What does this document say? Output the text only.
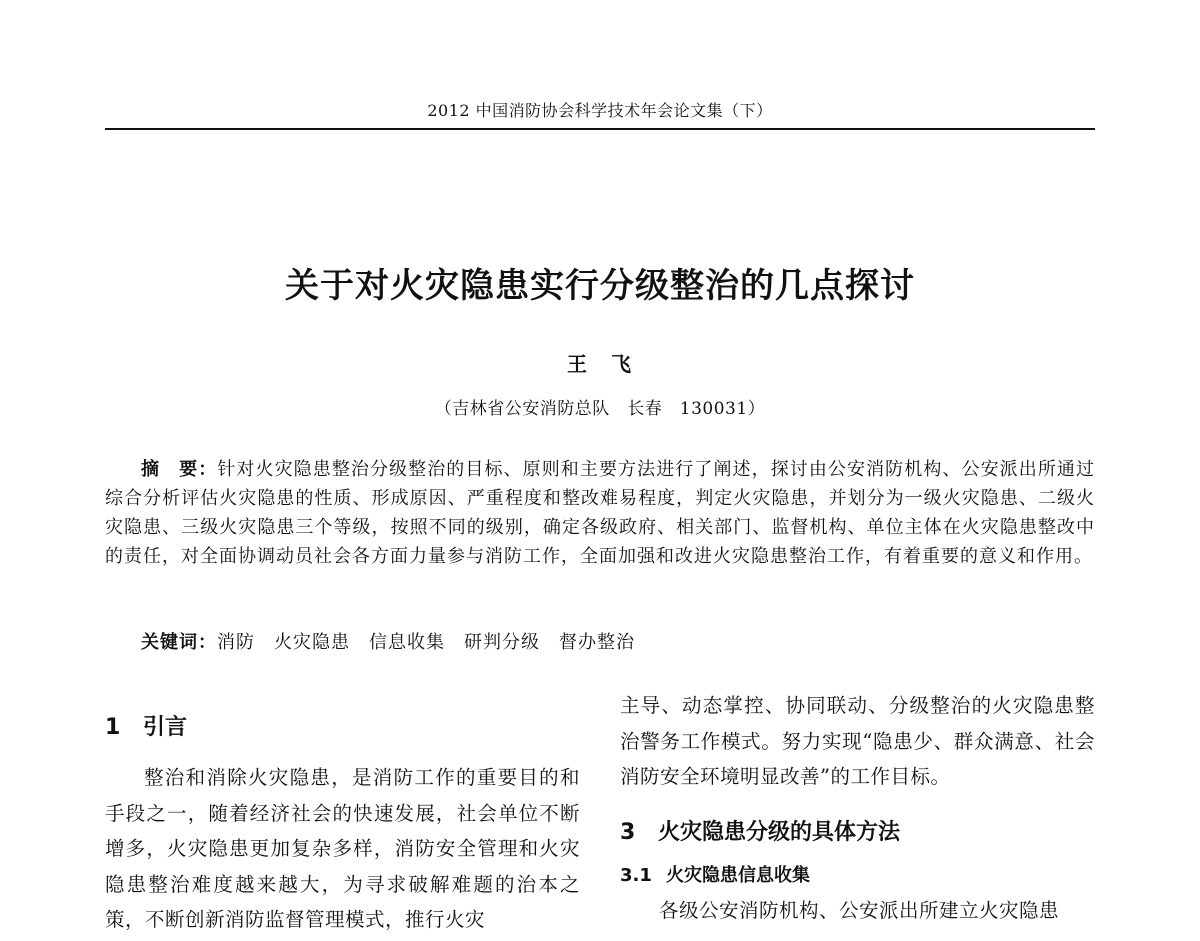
2012 中国消防协会科学技术年会论文集（下）
关于对火灾隐患实行分级整治的几点探讨
王　飞
（吉林省公安消防总队　长春　130031）

摘　要：针对火灾隐患整治分级整治的目标、原则和主要方法进行了阐述，探讨由公安消防机构、公安派出所通过综合分析评估火灾隐患的性质、形成原因、严重程度和整改难易程度，判定火灾隐患，并划分为一级火灾隐患、二级火灾隐患、三级火灾隐患三个等级，按照不同的级别，确定各级政府、相关部门、监督机构、单位主体在火灾隐患整改中的责任，对全面协调动员社会各方面力量参与消防工作，全面加强和改进火灾隐患整治工作，有着重要的意义和作用。

关键词：消防　火灾隐患　信息收集　研判分级　督办整治

1 引言

整治和消除火灾隐患，是消防工作的重要目的和手段之一，随着经济社会的快速发展，社会单位不断增多，火灾隐患更加复杂多样，消防安全管理和火灾隐患整治难度越来越大，为寻求破解难题的治本之策，不断创新消防监督管理模式，推行火灾

主导、动态掌控、协同联动、分级整治的火灾隐患整治警务工作模式。努力实现“隐患少、群众满意、社会消防安全环境明显改善”的工作目标。

3 火灾隐患分级的具体方法
3.1 火灾隐患信息收集

各级公安消防机构、公安派出所建立火灾隐患
